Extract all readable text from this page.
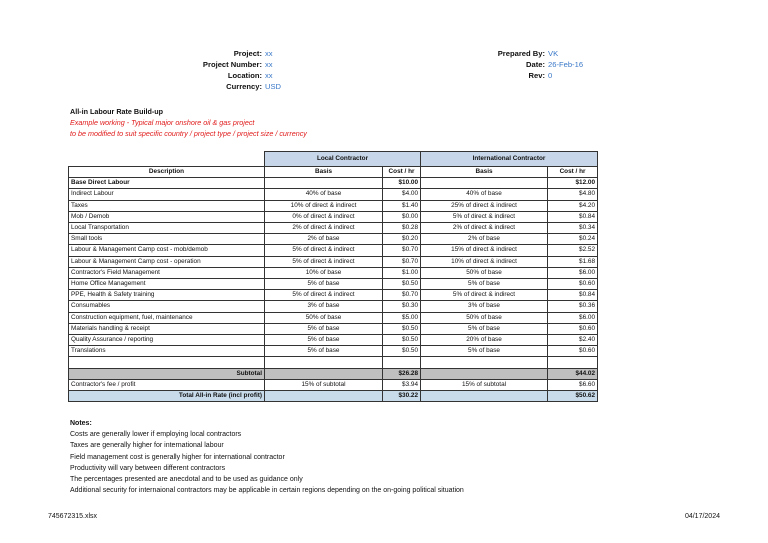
Project: xx
Project Number: xx
Location: xx
Currency: USD
Prepared By: VK
Date: 26-Feb-16
Rev: 0
All-in Labour Rate Build-up
Example working - Typical major onshore oil & gas project
to be modified to suit specific country / project type / project size / currency
	Local Contractor		International Contractor	
Description	Basis	Cost / hr	Basis	Cost / hr
Base Direct Labour		$10.00		$12.00
Indirect Labour	40% of base	$4.00	40% of base	$4.80
Taxes	10% of direct & indirect	$1.40	25% of direct & indirect	$4.20
Mob / Demob	0% of direct & indirect	$0.00	5% of direct & indirect	$0.84
Local Transportation	2% of direct & indirect	$0.28	2% of direct & indirect	$0.34
Small tools	2% of base	$0.20	2% of base	$0.24
Labour & Management Camp cost - mob/demob	5% of direct & indirect	$0.70	15% of direct & indirect	$2.52
Labour & Management Camp cost - operation	5% of direct & indirect	$0.70	10% of direct & indirect	$1.68
Contractor's Field Management	10% of base	$1.00	50% of base	$6.00
Home Office Management	5% of base	$0.50	5% of base	$0.60
PPE, Health & Safety training	5% of direct & indirect	$0.70	5% of direct & indirect	$0.84
Consumables	3% of base	$0.30	3% of base	$0.36
Construction equipment, fuel, maintenance	50% of base	$5.00	50% of base	$6.00
Materials handling & receipt	5% of base	$0.50	5% of base	$0.60
Quality Assurance / reporting	5% of base	$0.50	20% of base	$2.40
Translations	5% of base	$0.50	5% of base	$0.60

Subtotal		$26.28		$44.02
Contractor's fee / profit	15% of subtotal	$3.94	15% of subtotal	$6.60
Total All-in Rate (incl profit)		$30.22		$50.62
Notes:
Costs are generally lower if employing local contractors
Taxes are generally higher for international labour
Field management cost is generally higher for international contractor
Productivity will vary between different contractors
The percentages presented are anecdotal and to be used as guidance only
Additional security for internaional contractors may be applicable in certain regions depending on the on-going political situation
745672315.xlsx	04/17/2024
